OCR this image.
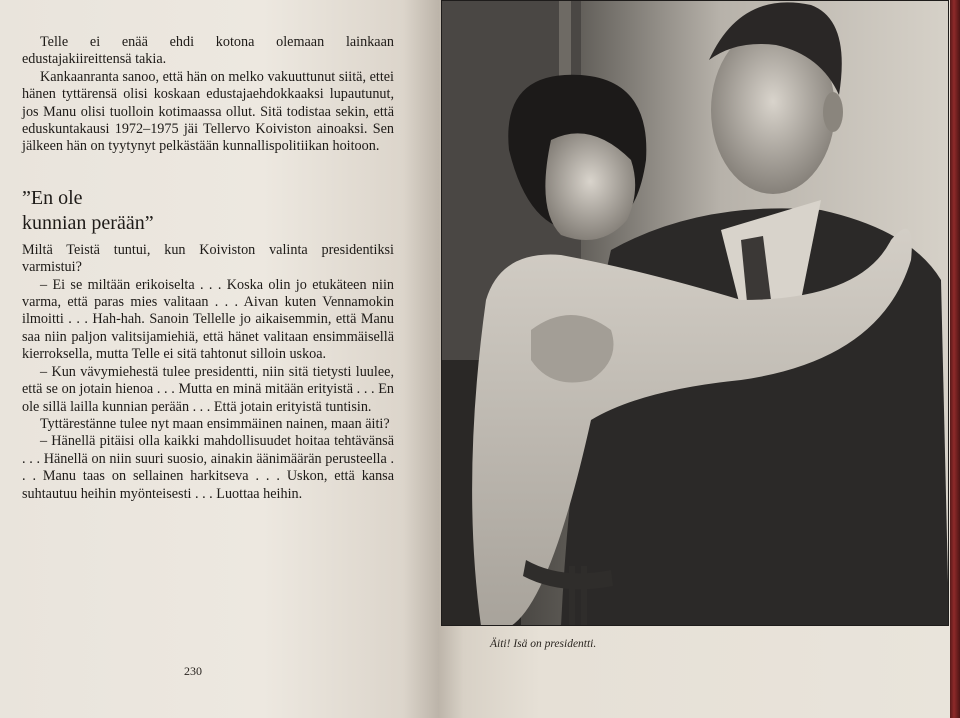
Telle ei enää ehdi kotona olemaan lainkaan edustajakiireittensä takia.

Kankaanranta sanoo, että hän on melko vakuuttunut siitä, ettei hänen tyttärensä olisi koskaan edustajaehdokkaaksi lupautunut, jos Manu olisi tuolloin kotimaassa ollut. Sitä todistaa sekin, että eduskuntakausi 1972–1975 jäi Tellervo Koiviston ainoaksi. Sen jälkeen hän on tyytynyt pelkästään kunnallispolitiikan hoitoon.

”En ole
kunnian perään”

Miltä Teistä tuntui, kun Koiviston valinta presidentiksi varmistui?

– Ei se miltään erikoiselta . . . Koska olin jo etukäteen niin varma, että paras mies valitaan . . . Aivan kuten Vennamokin ilmoitti . . . Hah-hah. Sanoin Tellelle jo aikaisemmin, että Manu saa niin paljon valitsijamiehiä, että hänet valitaan ensimmäisellä kierroksella, mutta Telle ei sitä tahtonut silloin uskoa.

– Kun vävymiehestä tulee presidentti, niin sitä tietysti luulee, että se on jotain hienoa . . . Mutta en minä mitään erityistä . . . En ole sillä lailla kunnian perään . . . Että jotain erityistä tuntisin.

Tyttärestänne tulee nyt maan ensimmäinen nainen, maan äiti?

– Hänellä pitäisi olla kaikki mahdollisuudet hoitaa tehtävänsä . . . Hänellä on niin suuri suosio, ainakin äänimäärän perusteella . . . Manu taas on sellainen harkitseva . . . Uskon, että kansa suhtautuu heihin myönteisesti . . . Luottaa heihin.

230
Äiti! Isä on presidentti.
